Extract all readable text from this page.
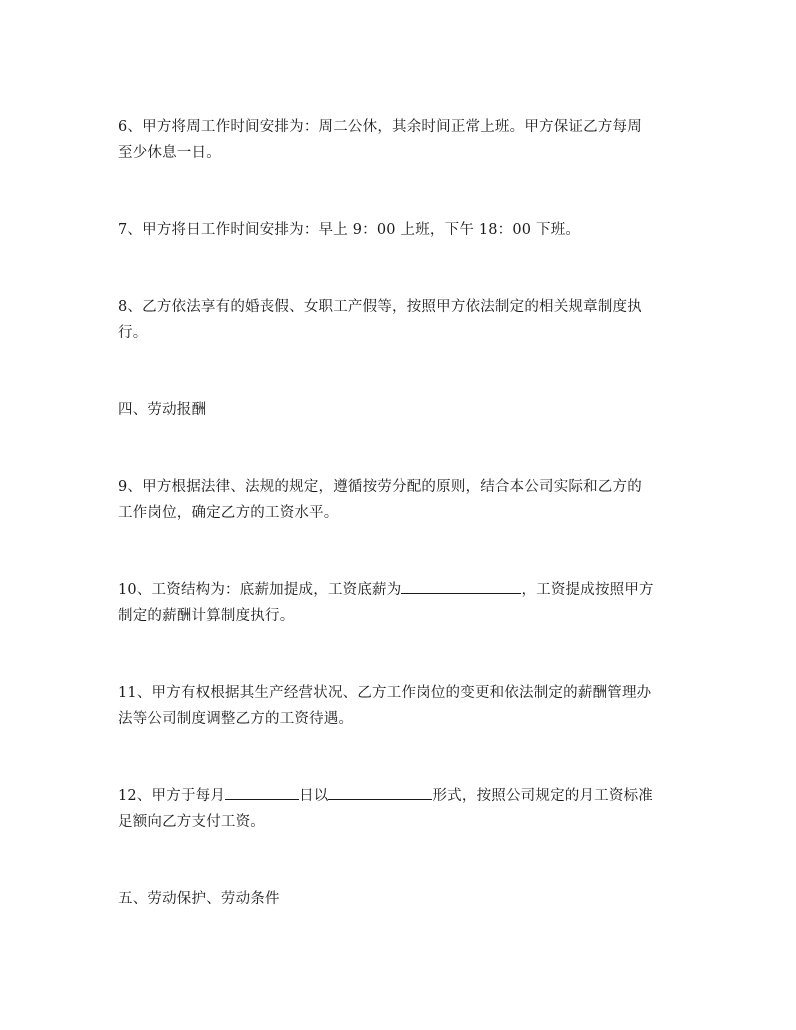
6、甲方将周工作时间安排为：周二公休，其余时间正常上班。甲方保证乙方每周
至少休息一日。

7、甲方将日工作时间安排为：早上 9：00 上班，下午 18：00 下班。

8、乙方依法享有的婚丧假、女职工产假等，按照甲方依法制定的相关规章制度执
行。

四、劳动报酬

9、甲方根据法律、法规的规定，遵循按劳分配的原则，结合本公司实际和乙方的
工作岗位，确定乙方的工资水平。

10、工资结构为：底薪加提成，工资底薪为	，工资提成按照甲方
制定的薪酬计算制度执行。

11、甲方有权根据其生产经营状况、乙方工作岗位的变更和依法制定的薪酬管理办
法等公司制度调整乙方的工资待遇。

12、甲方于每月	日以	形式，按照公司规定的月工资标准
足额向乙方支付工资。

五、劳动保护、劳动条件
